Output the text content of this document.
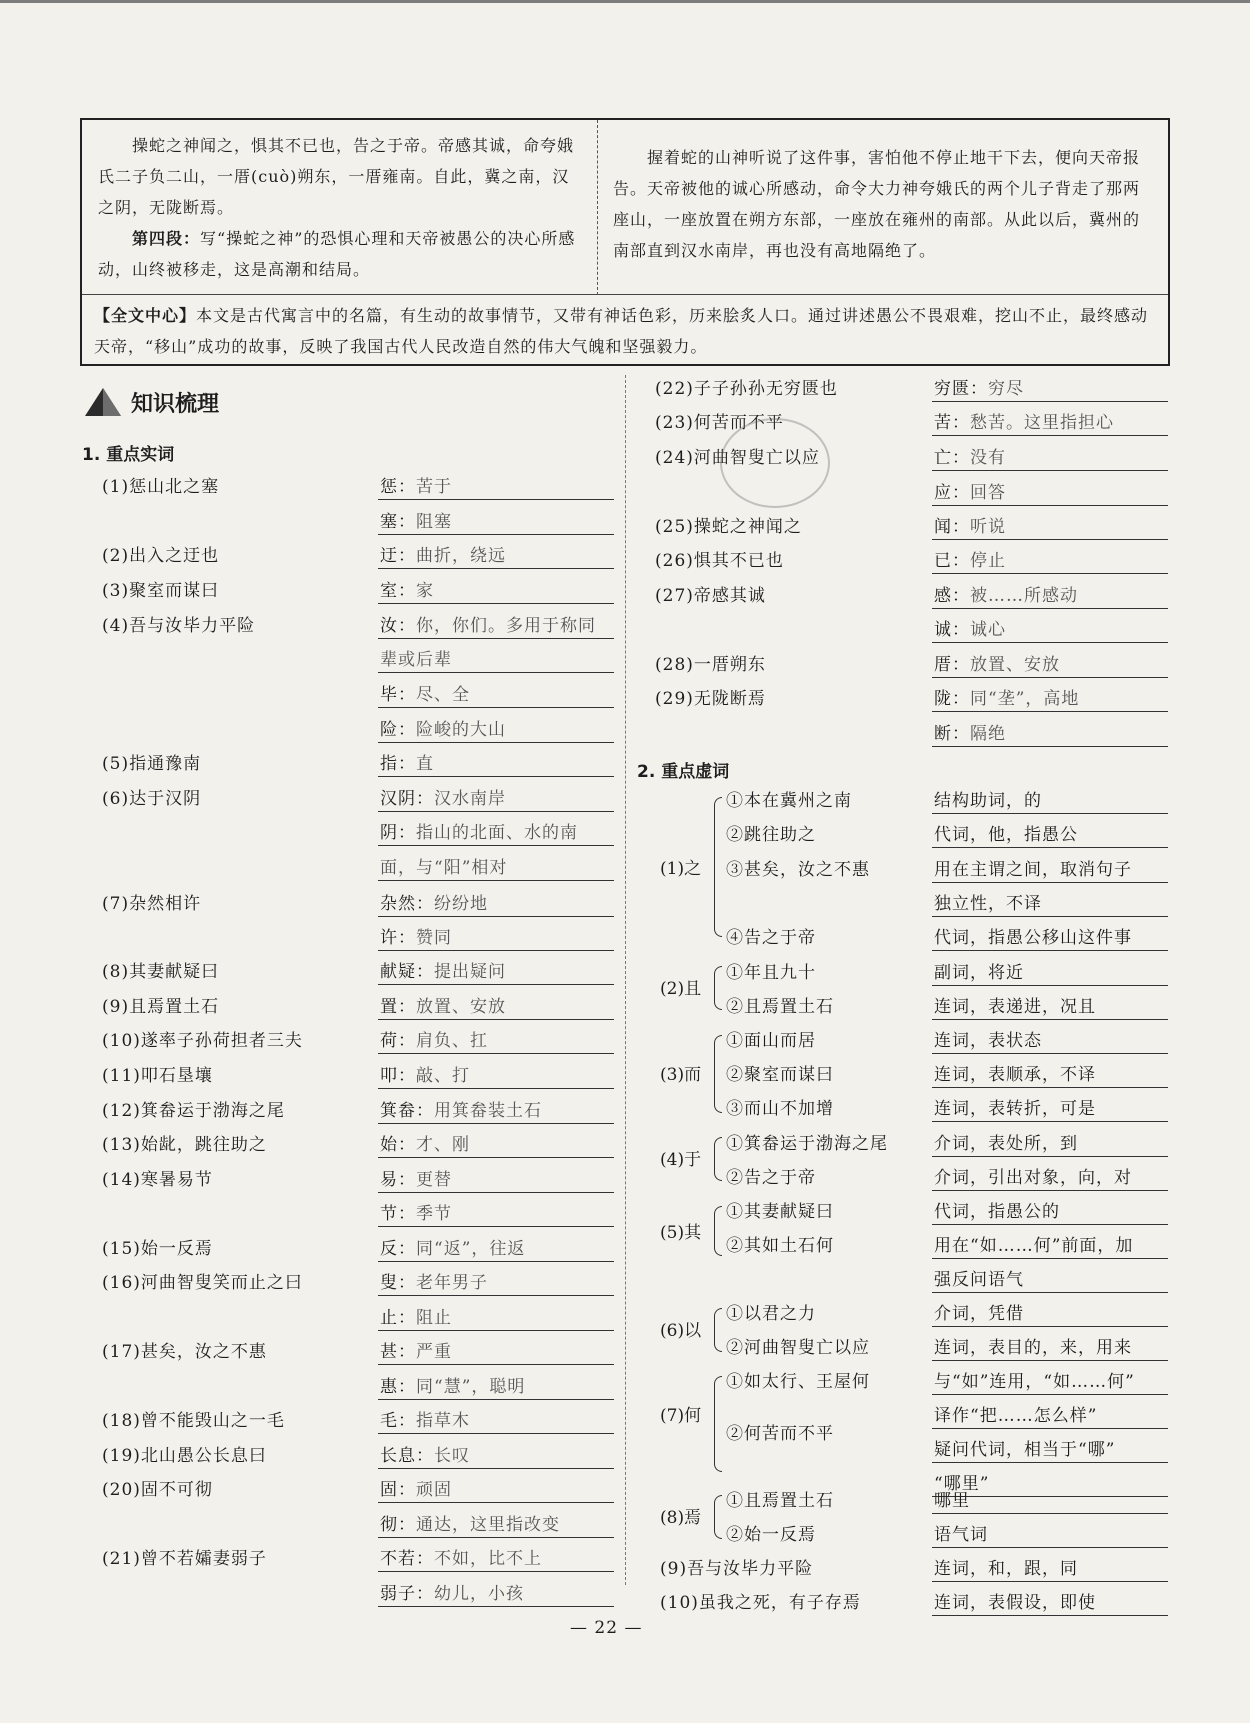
操蛇之神闻之，惧其不已也，告之于帝。帝感其诚，命夸娥氏二子负二山，一厝(cuò)朔东，一厝雍南。自此，冀之南，汉之阴，无陇断焉。
第四段：写“操蛇之神”的恐惧心理和天帝被愚公的决心所感动，山终被移走，这是高潮和结局。
握着蛇的山神听说了这件事，害怕他不停止地干下去，便向天帝报告。天帝被他的诚心所感动，命令大力神夸娥氏的两个儿子背走了那两座山，一座放置在朔方东部，一座放在雍州的南部。从此以后，冀州的南部直到汉水南岸，再也没有高地隔绝了。
【全文中心】本文是古代寓言中的名篇，有生动的故事情节，又带有神话色彩，历来脍炙人口。通过讲述愚公不畏艰难，挖山不止，最终感动天帝，“移山”成功的故事，反映了我国古代人民改造自然的伟大气魄和坚强毅力。
知识梳理
1. 重点实词
(1)惩山北之塞
(2)出入之迂也
(3)聚室而谋曰
(4)吾与汝毕力平险
(5)指通豫南
(6)达于汉阴
(7)杂然相许
(8)其妻献疑曰
(9)且焉置土石
(10)遂率子孙荷担者三夫
(11)叩石垦壤
(12)箕畚运于渤海之尾
(13)始龀，跳往助之
(14)寒暑易节
(15)始一反焉
(16)河曲智叟笑而止之曰
(17)甚矣，汝之不惠
(18)曾不能毁山之一毛
(19)北山愚公长息曰
(20)固不可彻
(21)曾不若孀妻弱子
惩：苦于
塞：阻塞
迂：曲折，绕远
室：家
汝：你，你们。多用于称同
辈或后辈
毕：尽、全
险：险峻的大山
指：直
汉阴：汉水南岸
阴：指山的北面、水的南
面，与“阳”相对
杂然：纷纷地
许：赞同
献疑：提出疑问
置：放置、安放
荷：肩负、扛
叩：敲、打
箕畚：用箕畚装土石
始：才、刚
易：更替
节：季节
反：同“返”，往返
叟：老年男子
止：阻止
甚：严重
惠：同“慧”，聪明
毛：指草木
长息：长叹
固：顽固
彻：通达，这里指改变
不若：不如，比不上
弱子：幼儿，小孩
(22)子子孙孙无穷匮也
(23)何苦而不平
(24)河曲智叟亡以应
(25)操蛇之神闻之
(26)惧其不已也
(27)帝感其诚
(28)一厝朔东
(29)无陇断焉
穷匮：穷尽
苦：愁苦。这里指担心
亡：没有
应：回答
闻：听说
已：停止
感：被……所感动
诚：诚心
厝：放置、安放
陇：同“垄”，高地
断：隔绝
2. 重点虚词
(1)之
①本在冀州之南
②跳往助之
③甚矣，汝之不惠
④告之于帝
结构助词，的
代词，他，指愚公
用在主谓之间，取消句子
独立性，不译
代词，指愚公移山这件事
(2)且
①年且九十
②且焉置土石
副词，将近
连词，表递进，况且
(3)而
①面山而居
②聚室而谋曰
③而山不加增
连词，表状态
连词，表顺承，不译
连词，表转折，可是
(4)于
①箕畚运于渤海之尾
②告之于帝
介词，表处所，到
介词，引出对象，向，对
(5)其
①其妻献疑曰
②其如土石何
代词，指愚公的
用在“如……何”前面，加
强反问语气
(6)以
①以君之力
②河曲智叟亡以应
介词，凭借
连词，表目的，来，用来
(7)何
①如太行、王屋何
②何苦而不平
与“如”连用，“如……何”
译作“把……怎么样”
疑问代词，相当于“哪”
“哪里”
(8)焉
①且焉置土石
②始一反焉
哪里
语气词
(9)吾与汝毕力平险	连词，和，跟，同
(10)虽我之死，有子存焉	连词，表假设，即使
— 22 —
